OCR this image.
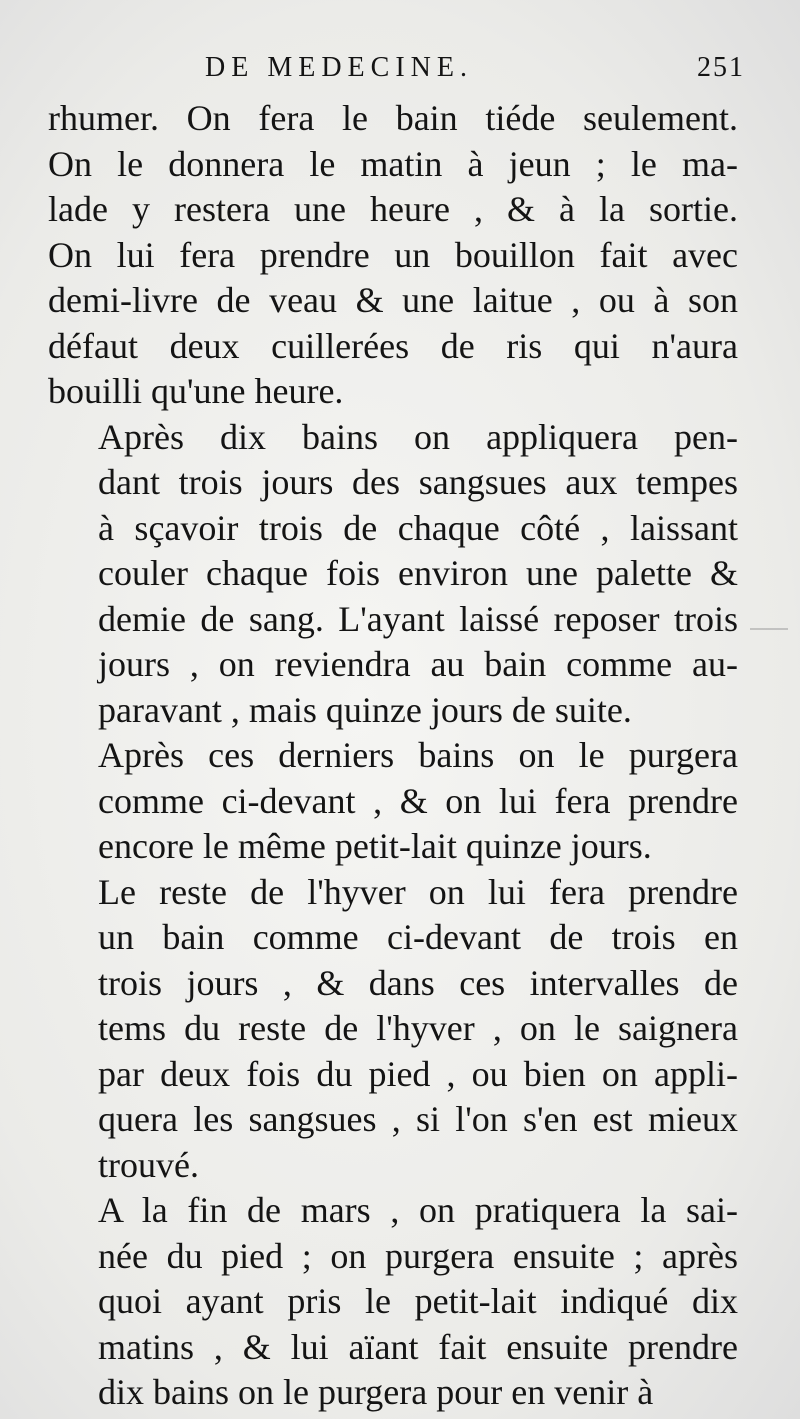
DE MEDECINE.	251

rhumer. On fera le bain tiéde seulement.
On le donnera le matin à jeun ; le ma-
lade y restera une heure , & à la sortie.
On lui fera prendre un bouillon fait avec
demi-livre de veau & une laitue , ou à son
défaut deux cuillerées de ris qui n'aura
bouilli qu'une heure.

Après dix bains on appliquera pen-
dant trois jours des sangsues aux tempes
à sçavoir trois de chaque côté , laissant
couler chaque fois environ une palette &
demie de sang. L'ayant laissé reposer trois
jours , on reviendra au bain comme au-
paravant , mais quinze jours de suite.

Après ces derniers bains on le purgera
comme ci-devant , & on lui fera prendre
encore le même petit-lait quinze jours.

Le reste de l'hyver on lui fera prendre
un bain comme ci-devant de trois en
trois jours , & dans ces intervalles de
tems du reste de l'hyver , on le saignera
par deux fois du pied , ou bien on appli-
quera les sangsues , si l'on s'en est mieux
trouvé.

A la fin de mars , on pratiquera la sai-
née du pied ; on purgera ensuite ; après
quoi ayant pris le petit-lait indiqué dix
matins , & lui aïant fait ensuite prendre
dix bains on le purgera pour en venir à
